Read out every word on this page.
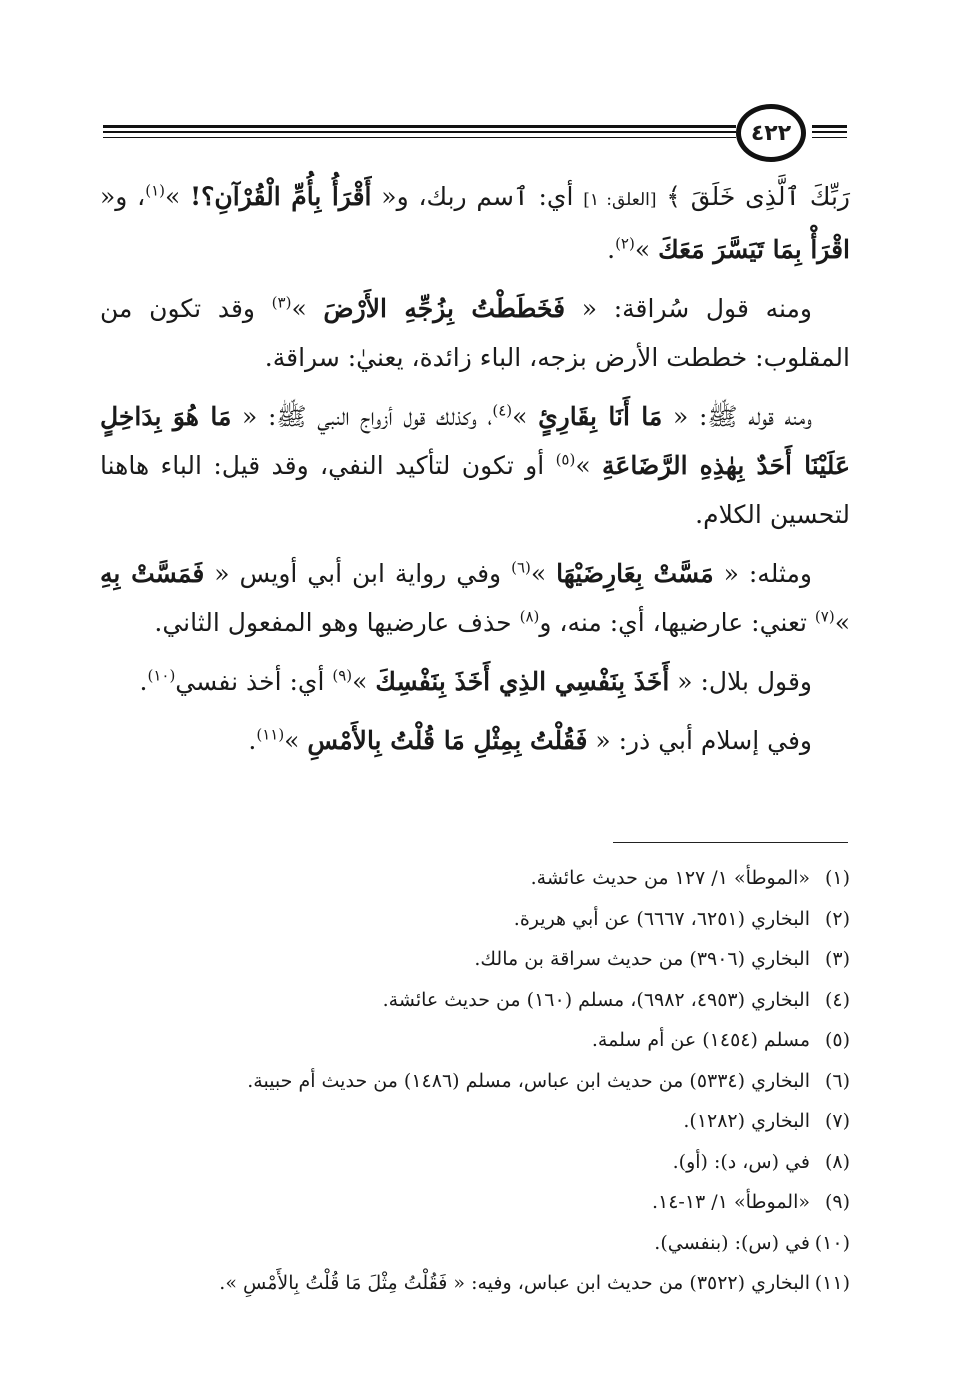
٤٢٢

رَبِّكَ ٱلَّذِى خَلَقَ ﴾ [العلق: ١] أي: ٱسم ربك، و« أَقْرَأُ بِأُمِّ الْقُرْآنِ؟! »$^{(١)}$، و« اقْرَأْ بِمَا تَيَسَّرَ مَعَكَ »$^{(٢)}$.

ومنه قول سُراقة: « فَخَطَطْتُ بِزُجِّهِ الأَرْضَ »$^{(٣)}$ وقد تكون من المقلوب: خططت الأرض بزجه، الباء زائدة، يعنيٰ: سراقة.

ومنه قوله ﷺ: « مَا أَنَا بِقَارِئٍ »$^{(٤)}$، وكذلك قول أزواج النبي ﷺ: « مَا هُوَ بِدَاخِلٍ عَلَيْنَا أَحَدٌ بِهٰذِهِ الرَّضَاعَةِ »$^{(٥)}$ أو تكون لتأكيد النفي، وقد قيل: الباء هاهنا لتحسين الكلام.

ومثله: « مَسَّتْ بِعَارِضَيْهَا »$^{(٦)}$ وفي رواية ابن أبي أويس « فَمَسَّتْ بِهِ »$^{(٧)}$ تعني: عارضيها، أي: منه، و$^{(٨)}$ حذف عارضيها وهو المفعول الثاني.

وقول بلال: « أَخَذَ بِنَفْسِي الذِي أَخَذَ بِنَفْسِكَ »$^{(٩)}$ أي: أخذ نفسي$^{(١٠)}$.

وفي إسلام أبي ذر: « فَقُلْتُ بِمِثْلِ مَا قُلْتُ بِالأَمْسِ »$^{(١١)}$.

(١)«الموطأ» ١/ ١٢٧ من حديث عائشة.
(٢)البخاري (٦٢٥١، ٦٦٦٧) عن أبي هريرة.
(٣)البخاري (٣٩٠٦) من حديث سراقة بن مالك.
(٤)البخاري (٤٩٥٣، ٦٩٨٢)، مسلم (١٦٠) من حديث عائشة.
(٥)مسلم (١٤٥٤) عن أم سلمة.
(٦)البخاري (٥٣٣٤) من حديث ابن عباس، مسلم (١٤٨٦) من حديث أم حبيبة.
(٧)البخاري (١٢٨٢).
(٨)في (س، د): (أو).
(٩)«الموطأ» ١/ ١٣-١٤.
(١٠)في (س): (بنفسي).
(١١)البخاري (٣٥٢٢) من حديث ابن عباس، وفيه: « فَقُلْتُ مِثْلَ مَا قُلْتُ بِالأَمْسِ ».
